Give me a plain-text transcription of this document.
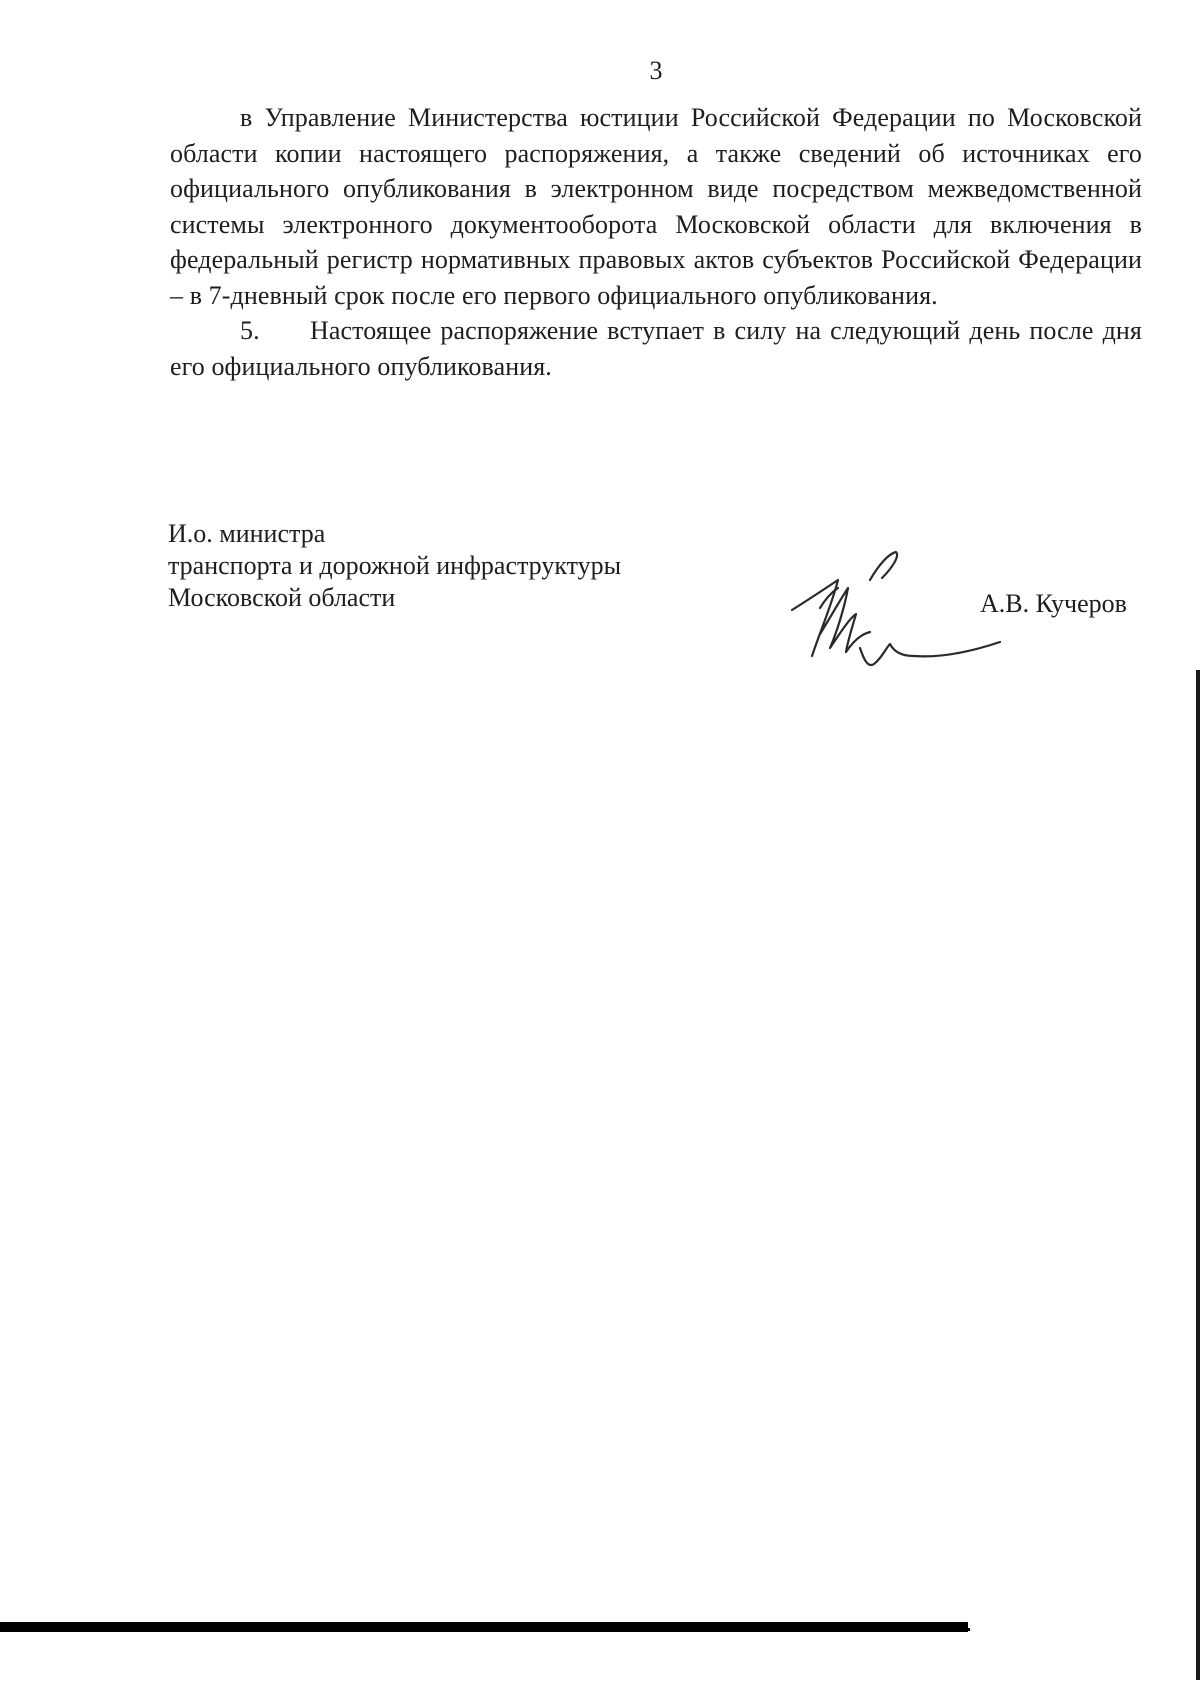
3

в Управление Министерства юстиции Российской Федерации по Московской области копии настоящего распоряжения, а также сведений об источниках его официального опубликования в электронном виде посредством межведомственной системы электронного документооборота Московской области для включения в федеральный регистр нормативных правовых актов субъектов Российской Федерации – в 7-дневный срок после его первого официального опубликования.

5. Настоящее распоряжение вступает в силу на следующий день после дня его официального опубликования.

И.о. министра
транспорта и дорожной инфраструктуры
Московской области	А.В. Кучеров
